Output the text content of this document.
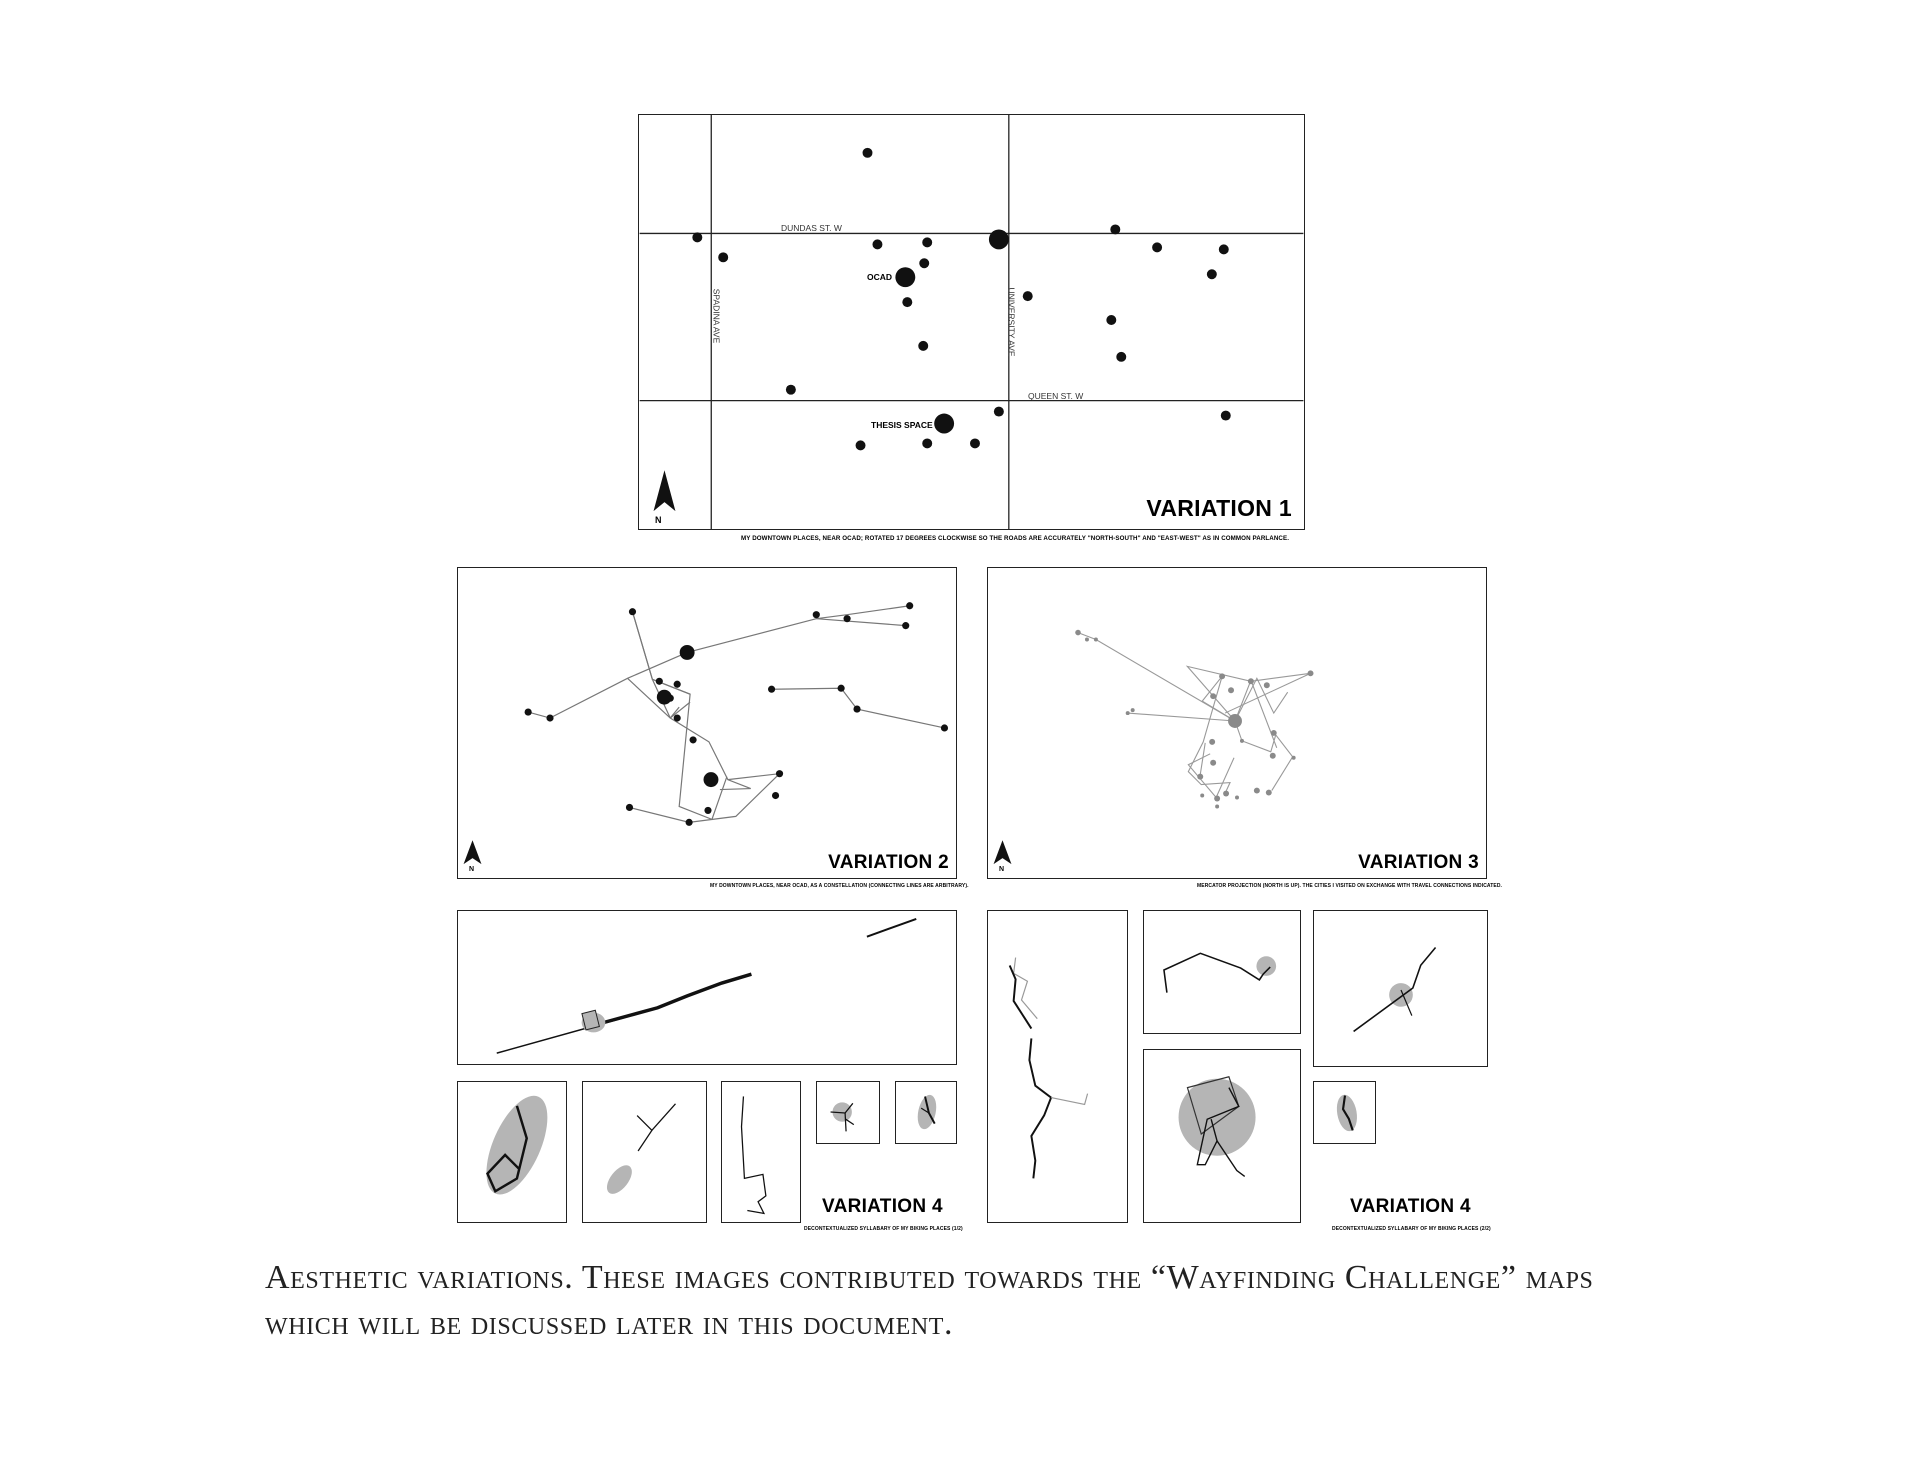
DUNDAS ST. W
QUEEN ST. W
SPADINA AVE	UNIVERSITY AVE
OCAD
THESIS SPACE
N	VARIATION 1
MY DOWNTOWN PLACES, NEAR OCAD; ROTATED 17 DEGREES CLOCKWISE SO THE ROADS ARE ACCURATELY "NORTH-SOUTH" AND "EAST-WEST" AS IN COMMON PARLANCE.
N	VARIATION 2
MY DOWNTOWN PLACES, NEAR OCAD, AS A CONSTELLATION (CONNECTING LINES ARE ARBITRARY).
N	VARIATION 3
MERCATOR PROJECTION (NORTH IS UP). THE CITIES I VISITED ON EXCHANGE WITH TRAVEL CONNECTIONS INDICATED.
VARIATION 4
DECONTEXTUALIZED SYLLABARY OF MY BIKING PLACES (1/2)
VARIATION 4
DECONTEXTUALIZED SYLLABARY OF MY BIKING PLACES (2/2)
Aesthetic variations. These images contributed towards the “Wayfinding Challenge” maps which will be discussed later in this document.
